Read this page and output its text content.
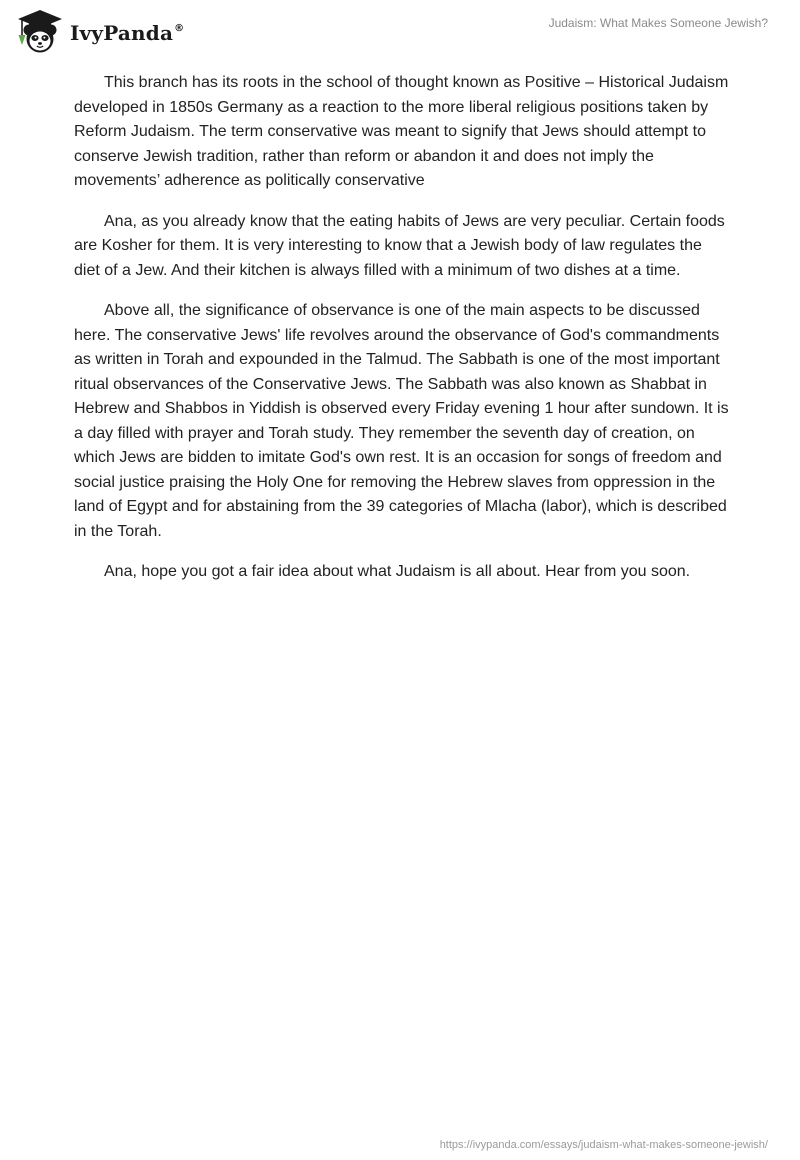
IvyPanda®	Judaism: What Makes Someone Jewish?

This branch has its roots in the school of thought known as Positive – Historical Judaism developed in 1850s Germany as a reaction to the more liberal religious positions taken by Reform Judaism. The term conservative was meant to signify that Jews should attempt to conserve Jewish tradition, rather than reform or abandon it and does not imply the movements’ adherence as politically conservative

Ana, as you already know that the eating habits of Jews are very peculiar. Certain foods are Kosher for them. It is very interesting to know that a Jewish body of law regulates the diet of a Jew. And their kitchen is always filled with a minimum of two dishes at a time.

Above all, the significance of observance is one of the main aspects to be discussed here. The conservative Jews' life revolves around the observance of God's commandments as written in Torah and expounded in the Talmud. The Sabbath is one of the most important ritual observances of the Conservative Jews. The Sabbath was also known as Shabbat in Hebrew and Shabbos in Yiddish is observed every Friday evening 1 hour after sundown. It is a day filled with prayer and Torah study. They remember the seventh day of creation, on which Jews are bidden to imitate God's own rest. It is an occasion for songs of freedom and social justice praising the Holy One for removing the Hebrew slaves from oppression in the land of Egypt and for abstaining from the 39 categories of Mlacha (labor), which is described in the Torah.

Ana, hope you got a fair idea about what Judaism is all about. Hear from you soon.

https://ivypanda.com/essays/judaism-what-makes-someone-jewish/
